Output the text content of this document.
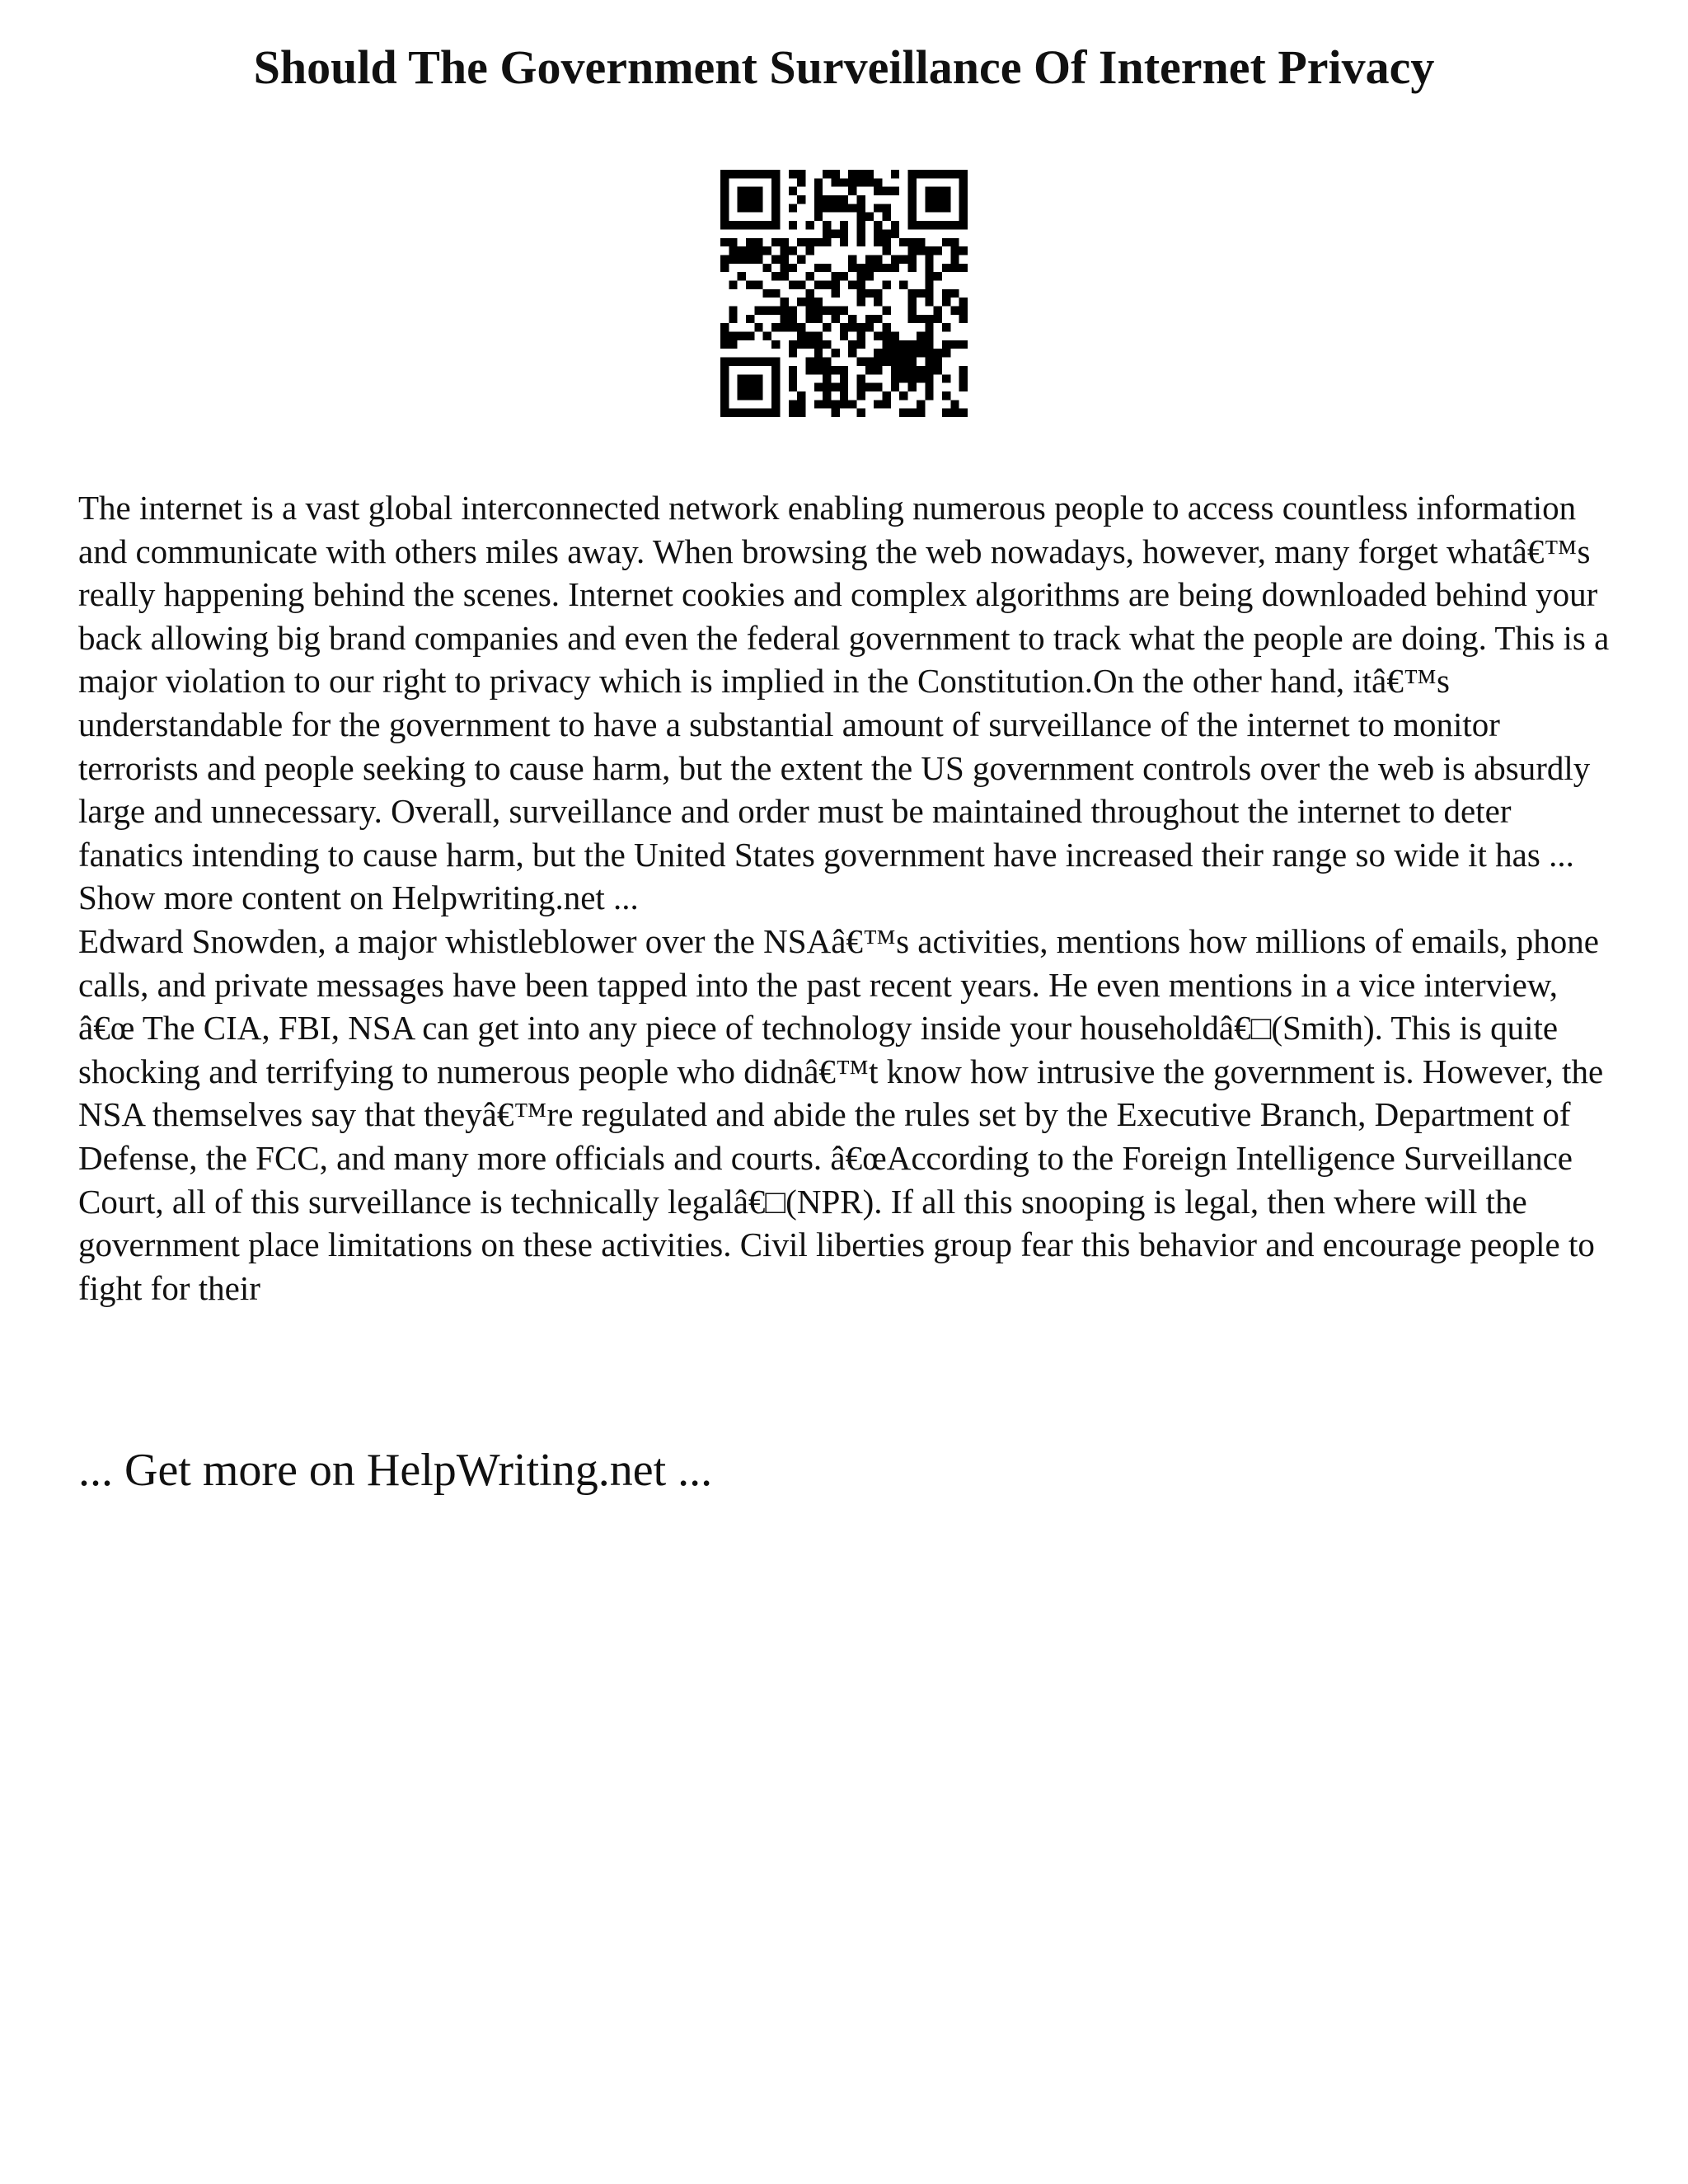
Should The Government Surveillance Of Internet Privacy

The internet is a vast global interconnected network enabling numerous people to access countless information and communicate with others miles away. When browsing the web nowadays, however, many forget whatâ€™s really happening behind the scenes. Internet cookies and complex algorithms are being downloaded behind your back allowing big brand companies and even the federal government to track what the people are doing. This is a major violation to our right to privacy which is implied in the Constitution.On the other hand, itâ€™s understandable for the government to have a substantial amount of surveillance of the internet to monitor terrorists and people seeking to cause harm, but the extent the US government controls over the web is absurdly large and unnecessary. Overall, surveillance and order must be maintained throughout the internet to deter fanatics intending to cause harm, but the United States government have increased their range so wide it has ... Show more content on Helpwriting.net ...

Edward Snowden, a major whistleblower over the NSAâ€™s activities, mentions how millions of emails, phone calls, and private messages have been tapped into the past recent years. He even mentions in a vice interview, â€œ The CIA, FBI, NSA can get into any piece of technology inside your householdâ€□(Smith). This is quite shocking and terrifying to numerous people who didnâ€™t know how intrusive the government is. However, the NSA themselves say that theyâ€™re regulated and abide the rules set by the Executive Branch, Department of Defense, the FCC, and many more officials and courts. â€œAccording to the Foreign Intelligence Surveillance Court, all of this surveillance is technically legalâ€□(NPR). If all this snooping is legal, then where will the government place limitations on these activities. Civil liberties group fear this behavior and encourage people to fight for their

... Get more on HelpWriting.net ...
